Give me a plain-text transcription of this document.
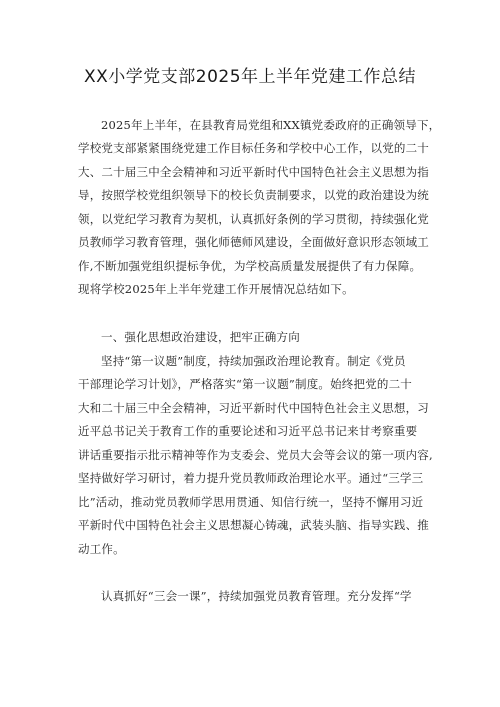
XX小学党支部2025年上半年党建工作总结
2025年上半年，在县教育局党组和XX镇党委政府的正确领导下，
学校党支部紧紧围绕党建工作目标任务和学校中心工作，以党的二十
大、二十届三中全会精神和习近平新时代中国特色社会主义思想为指
导，按照学校党组织领导下的校长负责制要求，以党的政治建设为统
领，以党纪学习教育为契机，认真抓好条例的学习贯彻，持续强化党
员教师学习教育管理，强化师德师风建设，全面做好意识形态领域工
作,不断加强党组织提标争优，为学校高质量发展提供了有力保障。
现将学校2025年上半年党建工作开展情况总结如下。
一、强化思想政治建设，把牢正确方向
坚持“第一议题”制度，持续加强政治理论教育。制定《党员
干部理论学习计划》，严格落实“第一议题”制度。始终把党的二十
大和二十届三中全会精神，习近平新时代中国特色社会主义思想，习
近平总书记关于教育工作的重要论述和习近平总书记来甘考察重要
讲话重要指示批示精神等作为支委会、党员大会等会议的第一项内容,
坚持做好学习研讨，着力提升党员教师政治理论水平。通过“三学三
比”活动，推动党员教师学思用贯通、知信行统一，坚持不懈用习近
平新时代中国特色社会主义思想凝心铸魂，武装头脑、指导实践、推
动工作。
认真抓好“三会一课”，持续加强党员教育管理。充分发挥“学
